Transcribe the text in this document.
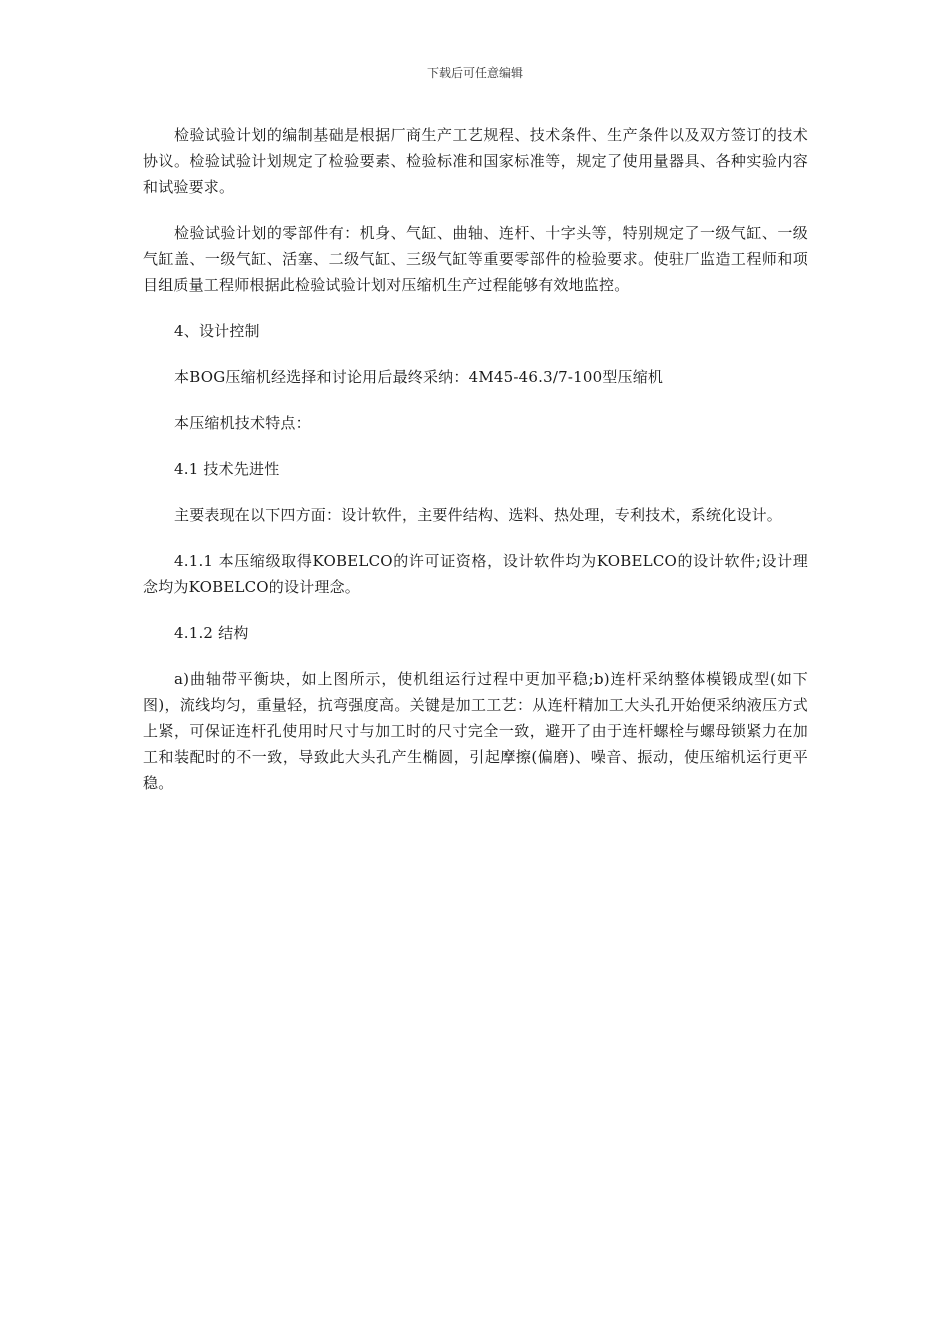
下载后可任意编辑

检验试验计划的编制基础是根据厂商生产工艺规程、技术条件、生产条件以及双方签订的技术协议。检验试验计划规定了检验要素、检验标准和国家标准等，规定了使用量器具、各种实验内容和试验要求。

检验试验计划的零部件有：机身、气缸、曲轴、连杆、十字头等，特别规定了一级气缸、一级气缸盖、一级气缸、活塞、二级气缸、三级气缸等重要零部件的检验要求。使驻厂监造工程师和项目组质量工程师根据此检验试验计划对压缩机生产过程能够有效地监控。

4、设计控制

本BOG压缩机经选择和讨论用后最终采纳：4M45-46.3/7-100型压缩机

本压缩机技术特点：

4.1 技术先进性

主要表现在以下四方面：设计软件，主要件结构、选料、热处理，专利技术，系统化设计。

4.1.1 本压缩级取得KOBELCO的许可证资格，设计软件均为KOBELCO的设计软件;设计理念均为KOBELCO的设计理念。

4.1.2 结构

a)曲轴带平衡块，如上图所示，使机组运行过程中更加平稳;b)连杆采纳整体模锻成型(如下图)，流线均匀，重量轻，抗弯强度高。关键是加工工艺：从连杆精加工大头孔开始便采纳液压方式上紧，可保证连杆孔使用时尺寸与加工时的尺寸完全一致，避开了由于连杆螺栓与螺母锁紧力在加工和装配时的不一致，导致此大头孔产生椭圆，引起摩擦(偏磨)、噪音、振动，使压缩机运行更平稳。
